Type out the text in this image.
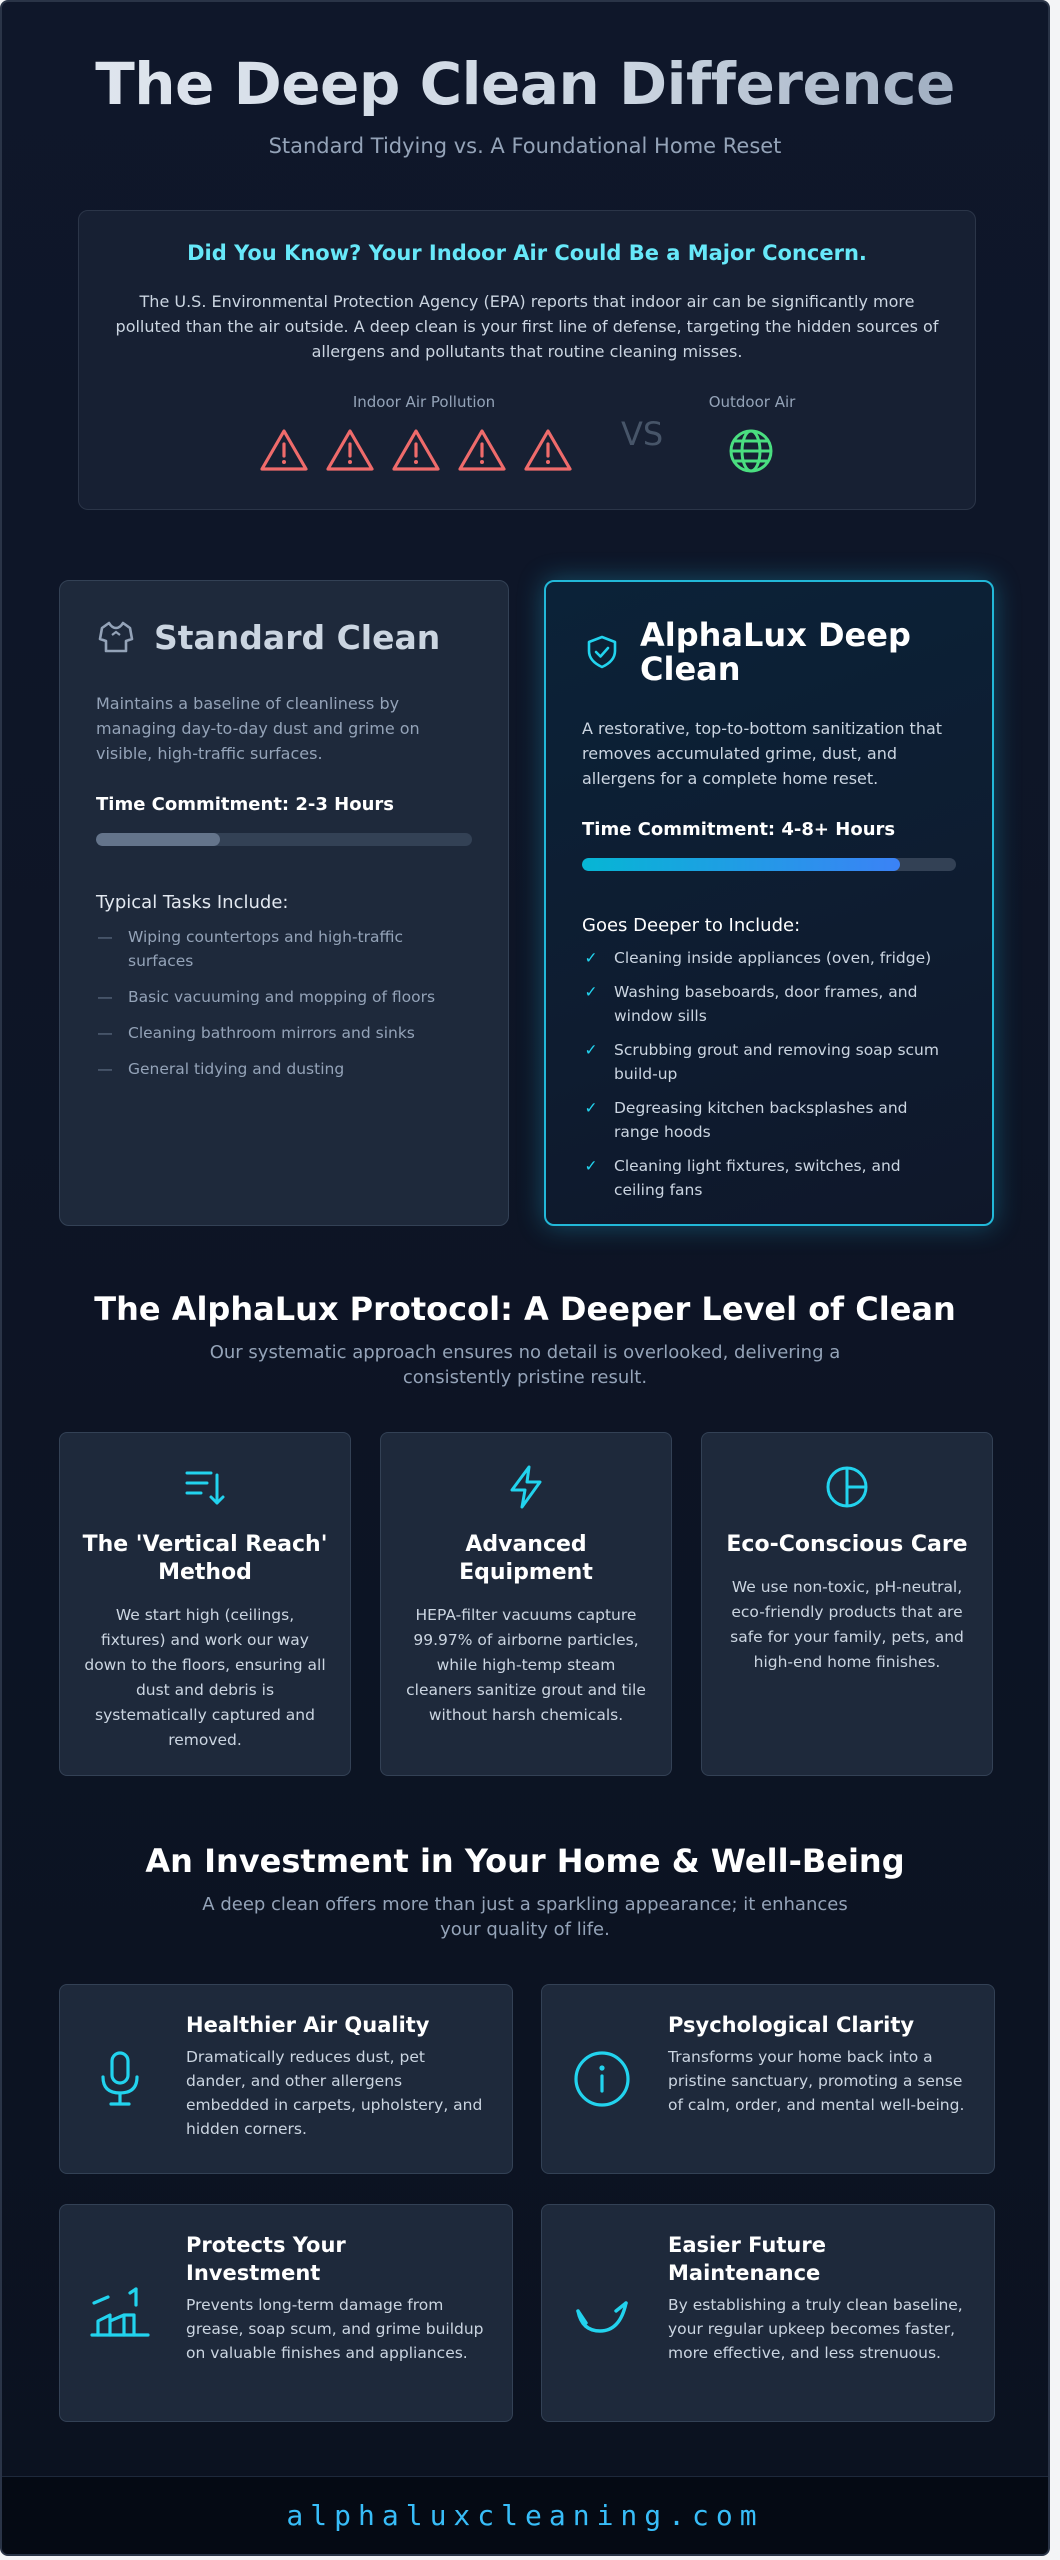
The Deep Clean Difference
Standard Tidying vs. A Foundational Home Reset
Did You Know? Your Indoor Air Could Be a Major Concern.
The U.S. Environmental Protection Agency (EPA) reports that indoor air can be significantly more polluted than the air outside. A deep clean is your first line of defense, targeting the hidden sources of allergens and pollutants that routine cleaning misses.
Indoor Air Pollution
VS
Outdoor Air
Standard Clean
Maintains a baseline of cleanliness by managing day-to-day dust and grime on visible, high-traffic surfaces.
Time Commitment: 2-3 Hours
Typical Tasks Include:
— Wiping countertops and high-traffic surfaces
— Basic vacuuming and mopping of floors
— Cleaning bathroom mirrors and sinks
— General tidying and dusting
AlphaLux Deep Clean
A restorative, top-to-bottom sanitization that removes accumulated grime, dust, and allergens for a complete home reset.
Time Commitment: 4-8+ Hours
Goes Deeper to Include:
✓ Cleaning inside appliances (oven, fridge)
✓ Washing baseboards, door frames, and window sills
✓ Scrubbing grout and removing soap scum build-up
✓ Degreasing kitchen backsplashes and range hoods
✓ Cleaning light fixtures, switches, and ceiling fans
The AlphaLux Protocol: A Deeper Level of Clean
Our systematic approach ensures no detail is overlooked, delivering a consistently pristine result.
The 'Vertical Reach' Method
We start high (ceilings, fixtures) and work our way down to the floors, ensuring all dust and debris is systematically captured and removed.
Advanced Equipment
HEPA-filter vacuums capture 99.97% of airborne particles, while high-temp steam cleaners sanitize grout and tile without harsh chemicals.
Eco-Conscious Care
We use non-toxic, pH-neutral, eco-friendly products that are safe for your family, pets, and high-end home finishes.
An Investment in Your Home & Well-Being
A deep clean offers more than just a sparkling appearance; it enhances your quality of life.
Healthier Air Quality
Dramatically reduces dust, pet dander, and other allergens embedded in carpets, upholstery, and hidden corners.
Psychological Clarity
Transforms your home back into a pristine sanctuary, promoting a sense of calm, order, and mental well-being.
Protects Your Investment
Prevents long-term damage from grease, soap scum, and grime buildup on valuable finishes and appliances.
Easier Future Maintenance
By establishing a truly clean baseline, your regular upkeep becomes faster, more effective, and less strenuous.
alphaluxcleaning.com
